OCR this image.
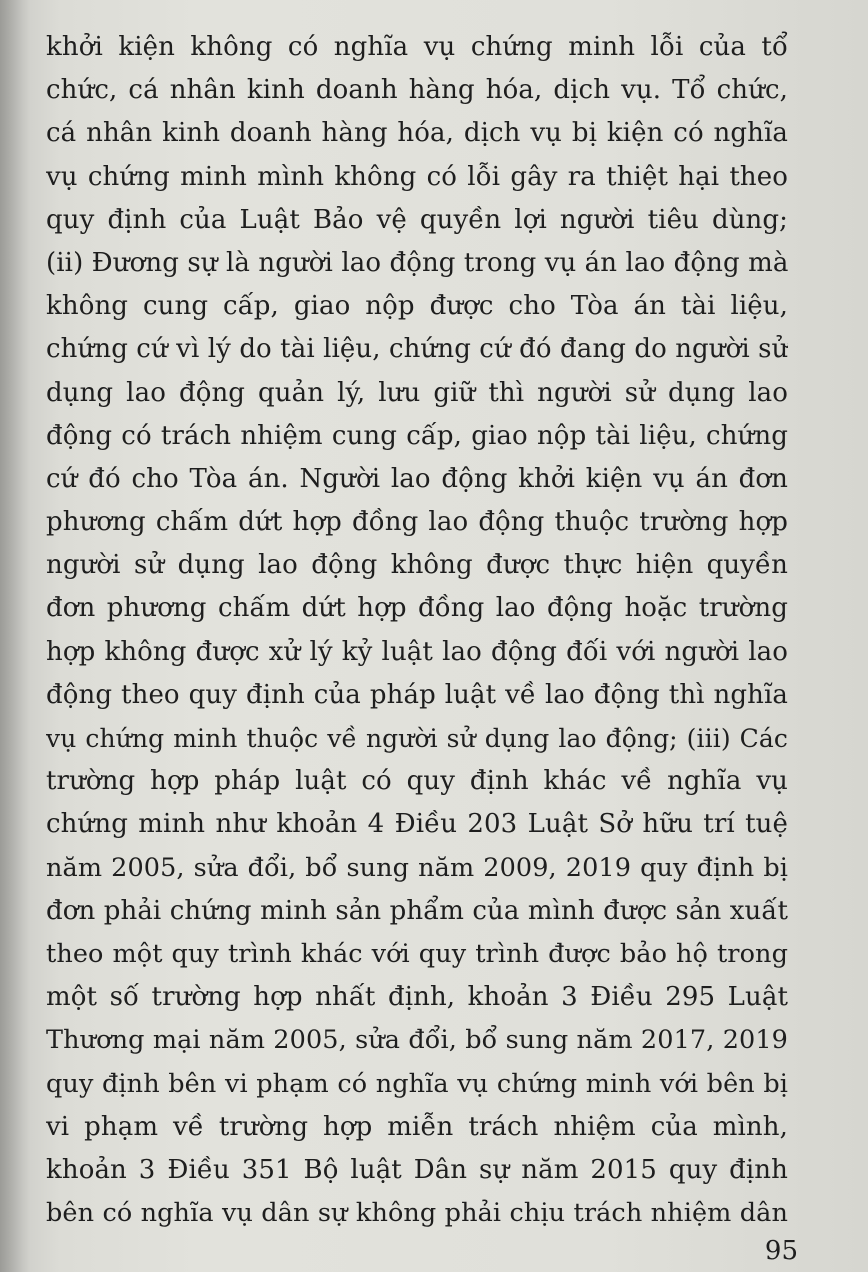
khởi kiện không có nghĩa vụ chứng minh lỗi của tổ
chức, cá nhân kinh doanh hàng hóa, dịch vụ. Tổ chức,
cá nhân kinh doanh hàng hóa, dịch vụ bị kiện có nghĩa
vụ chứng minh mình không có lỗi gây ra thiệt hại theo
quy định của Luật Bảo vệ quyền lợi người tiêu dùng;
(ii) Đương sự là người lao động trong vụ án lao động mà
không cung cấp, giao nộp được cho Tòa án tài liệu,
chứng cứ vì lý do tài liệu, chứng cứ đó đang do người sử
dụng lao động quản lý, lưu giữ thì người sử dụng lao
động có trách nhiệm cung cấp, giao nộp tài liệu, chứng
cứ đó cho Tòa án. Người lao động khởi kiện vụ án đơn
phương chấm dứt hợp đồng lao động thuộc trường hợp
người sử dụng lao động không được thực hiện quyền
đơn phương chấm dứt hợp đồng lao động hoặc trường
hợp không được xử lý kỷ luật lao động đối với người lao
động theo quy định của pháp luật về lao động thì nghĩa
vụ chứng minh thuộc về người sử dụng lao động; (iii) Các
trường hợp pháp luật có quy định khác về nghĩa vụ
chứng minh như khoản 4 Điều 203 Luật Sở hữu trí tuệ
năm 2005, sửa đổi, bổ sung năm 2009, 2019 quy định bị
đơn phải chứng minh sản phẩm của mình được sản xuất
theo một quy trình khác với quy trình được bảo hộ trong
một số trường hợp nhất định, khoản 3 Điều 295 Luật
Thương mại năm 2005, sửa đổi, bổ sung năm 2017, 2019
quy định bên vi phạm có nghĩa vụ chứng minh với bên bị
vi phạm về trường hợp miễn trách nhiệm của mình,
khoản 3 Điều 351 Bộ luật Dân sự năm 2015 quy định
bên có nghĩa vụ dân sự không phải chịu trách nhiệm dân
95
